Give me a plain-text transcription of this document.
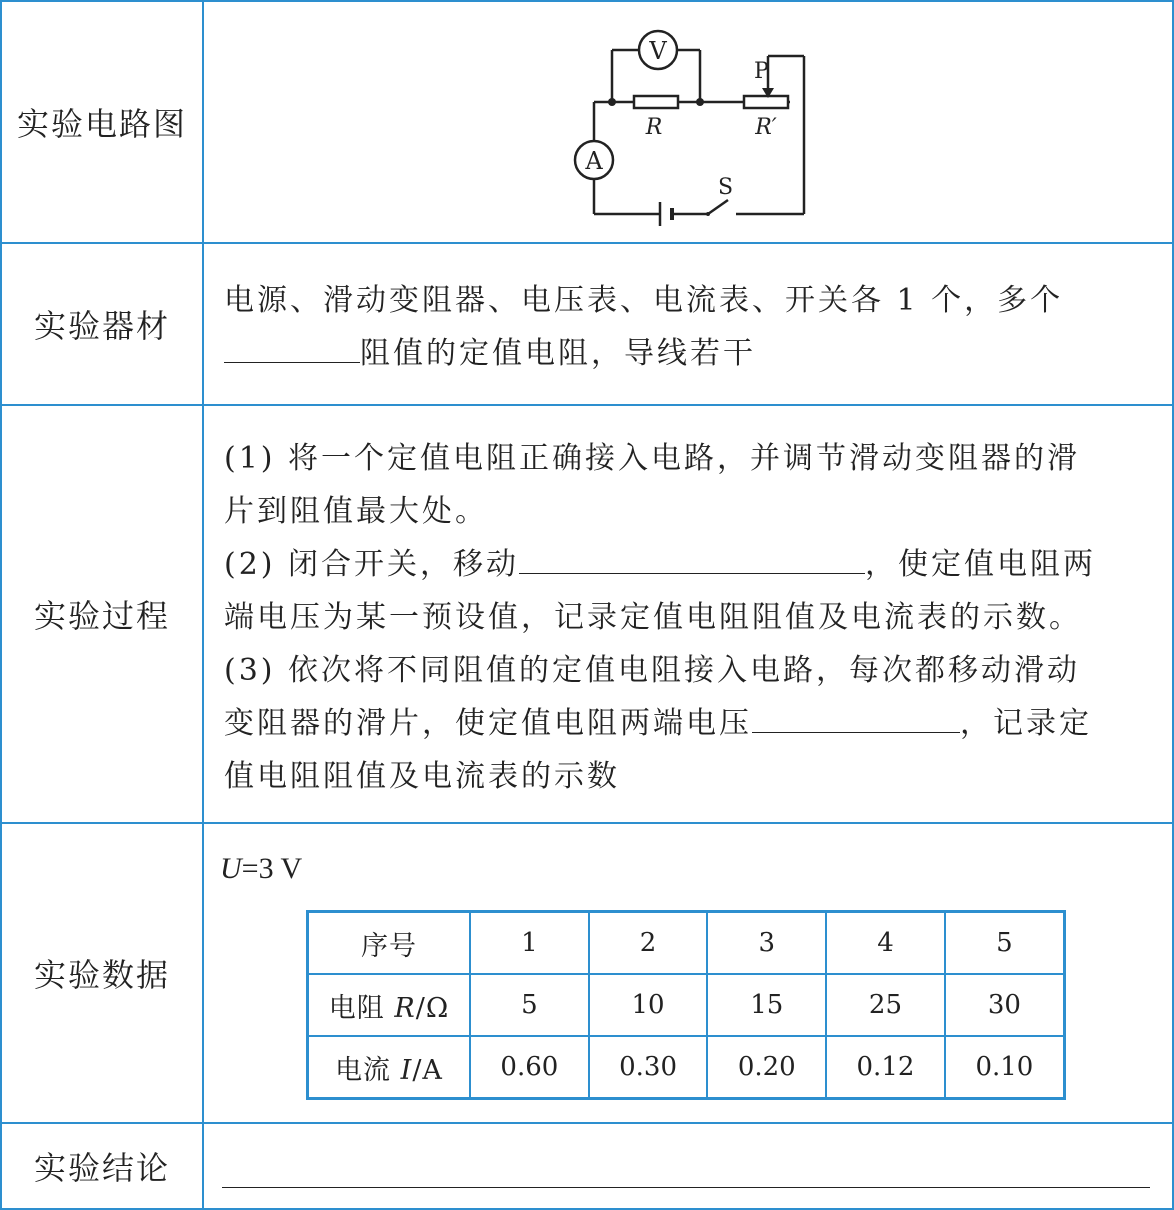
实验电路图
V
R
P
R′
A
S
实验器材
电源、滑动变阻器、电压表、电流表、开关各 1 个，多个
阻值的定值电阻，导线若干
实验过程
(1) 将一个定值电阻正确接入电路，并调节滑动变阻器的滑
片到阻值最大处。
(2) 闭合开关，移动	，使定值电阻两
端电压为某一预设值，记录定值电阻阻值及电流表的示数。
(3) 依次将不同阻值的定值电阻接入电路，每次都移动滑动
变阻器的滑片，使定值电阻两端电压	，记录定
值电阻阻值及电流表的示数
实验数据
U=3 V
序号	1	2	3	4	5
电阻 R/Ω	5	10	15	25	30
电流 I/A	0.60	0.30	0.20	0.12	0.10
实验结论
